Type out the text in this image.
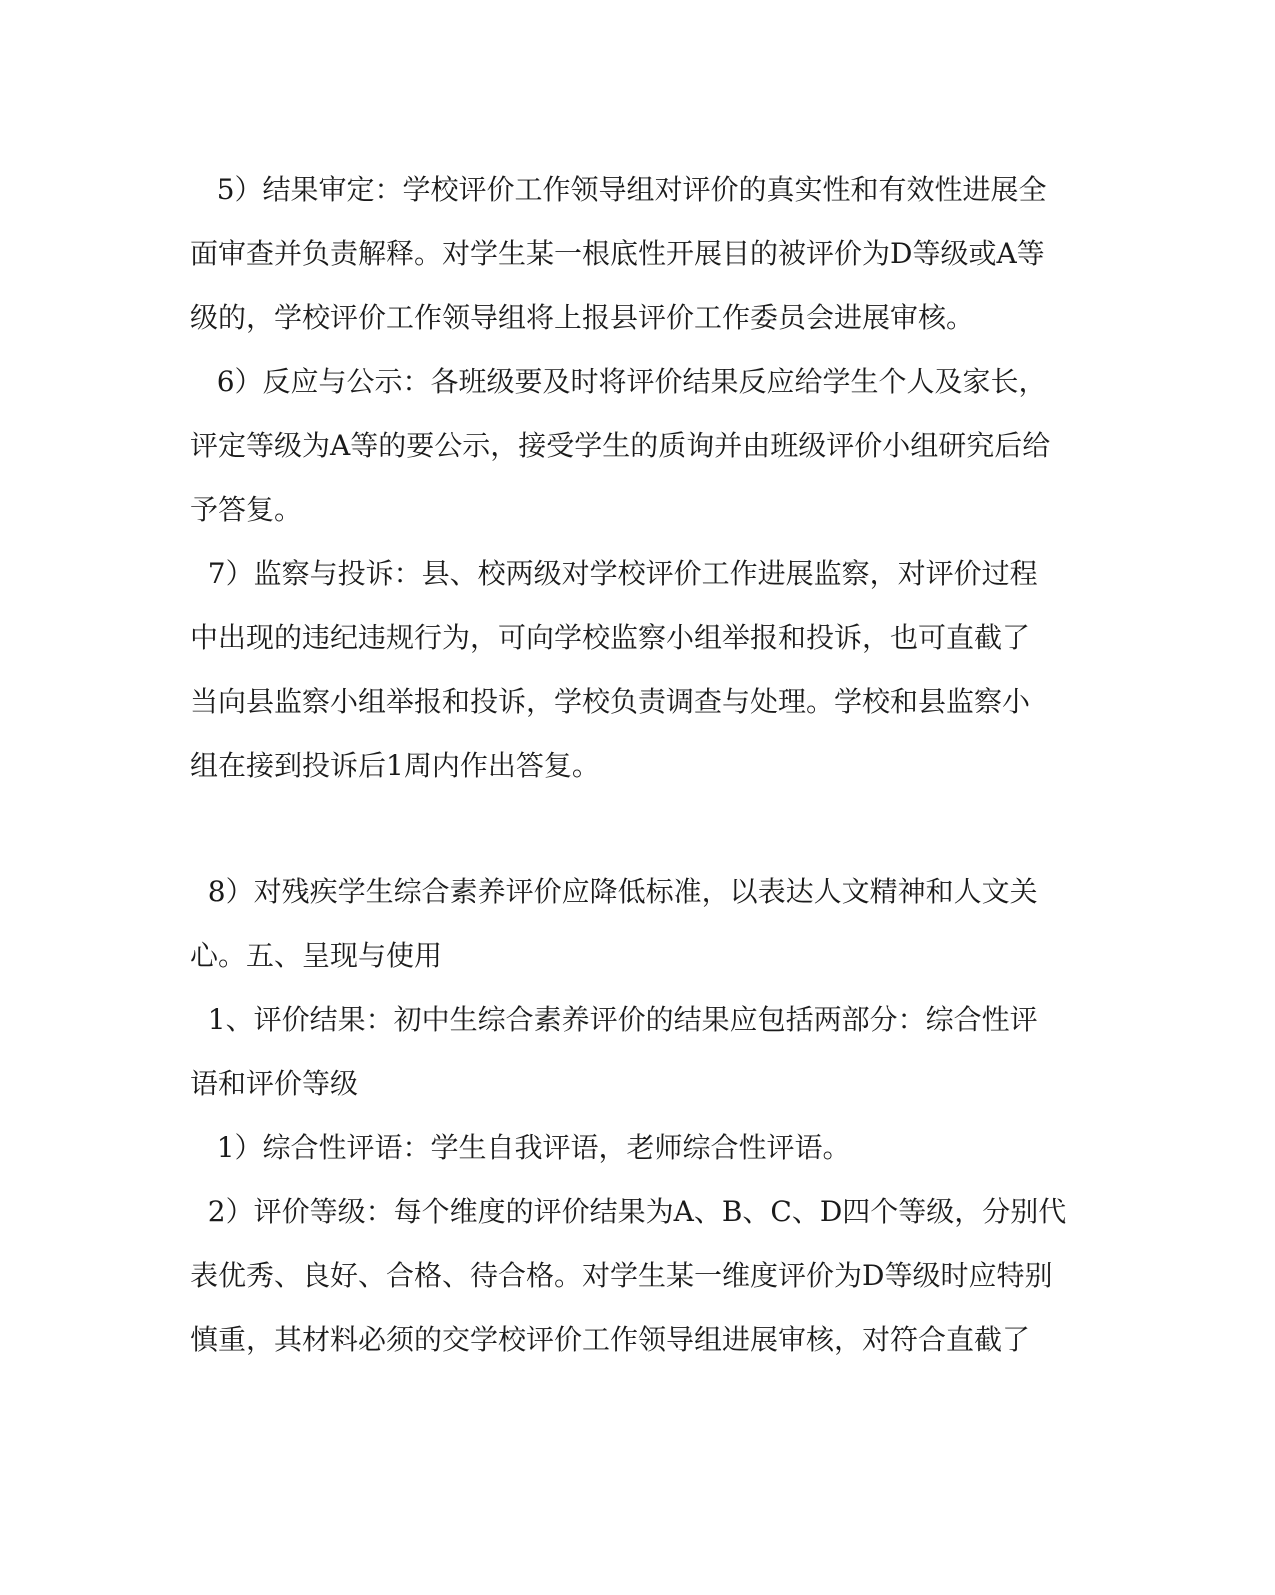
5）结果审定：学校评价工作领导组对评价的真实性和有效性进展全
面审查并负责解释。对学生某一根底性开展目的被评价为D等级或A等
级的，学校评价工作领导组将上报县评价工作委员会进展审核。
6）反应与公示：各班级要及时将评价结果反应给学生个人及家长，
评定等级为A等的要公示，接受学生的质询并由班级评价小组研究后给
予答复。
7）监察与投诉：县、校两级对学校评价工作进展监察，对评价过程
中出现的违纪违规行为，可向学校监察小组举报和投诉，也可直截了
当向县监察小组举报和投诉，学校负责调查与处理。学校和县监察小
组在接到投诉后1周内作出答复。
8）对残疾学生综合素养评价应降低标准，以表达人文精神和人文关
心。五、呈现与使用
1、评价结果：初中生综合素养评价的结果应包括两部分：综合性评
语和评价等级
1）综合性评语：学生自我评语，老师综合性评语。
2）评价等级：每个维度的评价结果为A、B、C、D四个等级，分别代
表优秀、良好、合格、待合格。对学生某一维度评价为D等级时应特别
慎重，其材料必须的交学校评价工作领导组进展审核，对符合直截了
